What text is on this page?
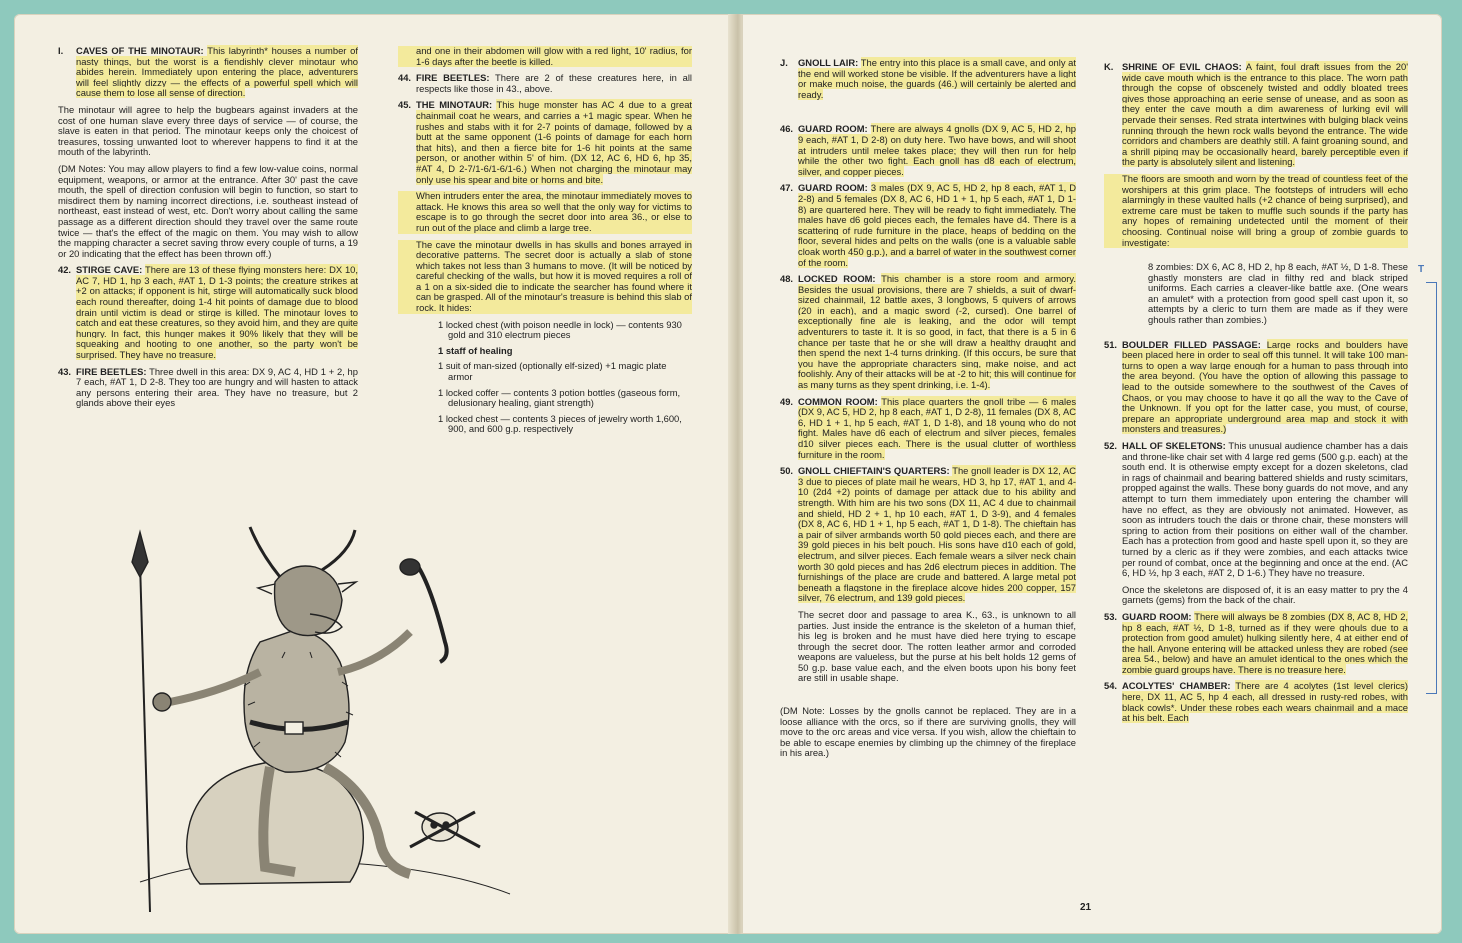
I. CAVES OF THE MINOTAUR: This labyrinth* houses a number of nasty things, but the worst is a fiendishly clever minotaur who abides herein. Immediately upon entering the place, adventurers will feel slightly dizzy — the effects of a powerful spell which will cause them to lose all sense of direction.

The minotaur will agree to help the bugbears against invaders at the cost of one human slave every three days of service — of course, the slave is eaten in that period. The minotaur keeps only the choicest of treasures, tossing unwanted loot to wherever happens to find it at the mouth of the labyrinth.

(DM Notes: You may allow players to find a few low-value coins, normal equipment, weapons, or armor at the entrance. After 30' past the cave mouth, the spell of direction confusion will begin to function, so start to misdirect them by naming incorrect directions, i.e. southeast instead of northeast, east instead of west, etc. Don't worry about calling the same passage as a different direction should they travel over the same route twice — that's the effect of the magic on them. You may wish to allow the mapping character a secret saving throw every couple of turns, a 19 or 20 indicating that the effect has been thrown off.)

42. STIRGE CAVE: There are 13 of these flying monsters here: DX 10, AC 7, HD 1, hp 3 each, #AT 1, D 1-3 points; the creature strikes at +2 on attacks; if opponent is hit, stirge will automatically suck blood each round thereafter, doing 1-4 hit points of damage due to blood drain until victim is dead or stirge is killed. The minotaur loves to catch and eat these creatures, so they avoid him, and they are quite hungry. In fact, this hunger makes it 90% likely that they will be squeaking and hooting to one another, so the party won't be surprised. They have no treasure.
43. FIRE BEETLES: Three dwell in this area: DX 9, AC 4, HD 1 + 2, hp 7 each, #AT 1, D 2-8. They too are hungry and will hasten to attack any persons entering their area. They have no treasure, but 2 glands above their eyes

and one in their abdomen will glow with a red light, 10' radius, for 1-6 days after the beetle is killed.

44. FIRE BEETLES: There are 2 of these creatures here, in all respects like those in 43., above.
45. THE MINOTAUR: This huge monster has AC 4 due to a great chainmail coat he wears, and carries a +1 magic spear. When he rushes and stabs with it for 2-7 points of damage, followed by a butt at the same opponent (1-6 points of damage for each horn that hits), and then a fierce bite for 1-6 hit points at the same person, or another within 5' of him. (DX 12, AC 6, HD 6, hp 35, #AT 4, D 2-7/1-6/1-6/1-6.) When not charging the minotaur may only use his spear and bite or horns and bite.

When intruders enter the area, the minotaur immediately moves to attack. He knows this area so well that the only way for victims to escape is to go through the secret door into area 36., or else to run out of the place and climb a large tree.

The cave the minotaur dwells in has skulls and bones arrayed in decorative patterns. The secret door is actually a slab of stone which takes not less than 3 humans to move. (It will be noticed by careful checking of the walls, but how it is moved requires a roll of a 1 on a six-sided die to indicate the searcher has found where it can be grasped. All of the minotaur's treasure is behind this slab of rock. It hides:

1 locked chest (with poison needle in lock) — contents 930 gold and 310 electrum pieces
1 staff of healing
1 suit of man-sized (optionally elf-sized) +1 magic plate armor
1 locked coffer — contents 3 potion bottles (gaseous form, delusionary healing, giant strength)
1 locked chest — contents 3 pieces of jewelry worth 1,600, 900, and 600 g.p. respectively
J. GNOLL LAIR: The entry into this place is a small cave, and only at the end will worked stone be visible. If the adventurers have a light or make much noise, the guards (46.) will certainly be alerted and ready.
46. GUARD ROOM: There are always 4 gnolls (DX 9, AC 5, HD 2, hp 9 each, #AT 1, D 2-8) on duty here. Two have bows, and will shoot at intruders until melee takes place; they will then run for help while the other two fight. Each gnoll has d8 each of electrum, silver, and copper pieces.
47. GUARD ROOM: 3 males (DX 9, AC 5, HD 2, hp 8 each, #AT 1, D 2-8) and 5 females (DX 8, AC 6, HD 1 + 1, hp 5 each, #AT 1, D 1-8) are quartered here. They will be ready to fight immediately. The males have d6 gold pieces each, the females have d4. There is a scattering of rude furniture in the place, heaps of bedding on the floor, several hides and pelts on the walls (one is a valuable sable cloak worth 450 g.p.), and a barrel of water in the southwest corner of the room.
48. LOCKED ROOM: This chamber is a store room and armory. Besides the usual provisions, there are 7 shields, a suit of dwarf-sized chainmail, 12 battle axes, 3 longbows, 5 quivers of arrows (20 in each), and a magic sword (-2, cursed). One barrel of exceptionally fine ale is leaking, and the odor will tempt adventurers to taste it. It is so good, in fact, that there is a 5 in 6 chance per taste that he or she will draw a healthy draught and then spend the next 1-4 turns drinking. (If this occurs, be sure that you have the appropriate characters sing, make noise, and act foolishly. Any of their attacks will be at -2 to hit; this will continue for as many turns as they spent drinking, i.e. 1-4).
49. COMMON ROOM: This place quarters the gnoll tribe — 6 males (DX 9, AC 5, HD 2, hp 8 each, #AT 1, D 2-8), 11 females (DX 8, AC 6, HD 1 + 1, hp 5 each, #AT 1, D 1-8), and 18 young who do not fight. Males have d6 each of electrum and silver pieces, females d10 silver pieces each. There is the usual clutter of worthless furniture in the room.
50. GNOLL CHIEFTAIN'S QUARTERS: The gnoll leader is DX 12, AC 3 due to pieces of plate mail he wears, HD 3, hp 17, #AT 1, and 4-10 (2d4 +2) points of damage per attack due to his ability and strength. With him are his two sons (DX 11, AC 4 due to chainmail and shield, HD 2 + 1, hp 10 each, #AT 1, D 3-9), and 4 females (DX 8, AC 6, HD 1 + 1, hp 5 each, #AT 1, D 1-8). The chieftain has a pair of silver armbands worth 50 gold pieces each, and there are 39 gold pieces in his belt pouch. His sons have d10 each of gold, electrum, and silver pieces. Each female wears a silver neck chain worth 30 gold pieces and has 2d6 electrum pieces in addition. The furnishings of the place are crude and battered. A large metal pot beneath a flagstone in the fireplace alcove hides 200 copper, 157 silver, 76 electrum, and 139 gold pieces.

The secret door and passage to area K., 63., is unknown to all parties. Just inside the entrance is the skeleton of a human thief, his leg is broken and he must have died here trying to escape through the secret door. The rotten leather armor and corroded weapons are valueless, but the purse at his belt holds 12 gems of 50 g.p. base value each, and the elven boots upon his bony feet are still in usable shape.

(DM Note: Losses by the gnolls cannot be replaced. They are in a loose alliance with the orcs, so if there are surviving gnolls, they will move to the orc areas and vice versa. If you wish, allow the chieftain to be able to escape enemies by climbing up the chimney of the fireplace in his area.)

21
K. SHRINE OF EVIL CHAOS: A faint, foul draft issues from the 20' wide cave mouth which is the entrance to this place. The worn path through the copse of obscenely twisted and oddly bloated trees gives those approaching an eerie sense of unease, and as soon as they enter the cave mouth a dim awareness of lurking evil will pervade their senses. Red strata intertwines with bulging black veins running through the hewn rock walls beyond the entrance. The wide corridors and chambers are deathly still. A faint groaning sound, and a shrill piping may be occasionally heard, barely perceptible even if the party is absolutely silent and listening.

The floors are smooth and worn by the tread of countless feet of the worshipers at this grim place. The footsteps of intruders will echo alarmingly in these vaulted halls (+2 chance of being surprised), and extreme care must be taken to muffle such sounds if the party has any hopes of remaining undetected until the moment of their choosing. Continual noise will bring a group of zombie guards to investigate:

8 zombies: DX 6, AC 8, HD 2, hp 8 each, #AT ½, D 1-8. These ghastly monsters are clad in filthy red and black striped uniforms. Each carries a cleaver-like battle axe. (One wears an amulet* with a protection from good spell cast upon it, so attempts by a cleric to turn them are made as if they were ghouls rather than zombies.)

51. BOULDER FILLED PASSAGE: Large rocks and boulders have been placed here in order to seal off this tunnel. It will take 100 man-turns to open a way large enough for a human to pass through into the area beyond. (You have the option of allowing this passage to lead to the outside somewhere to the southwest of the Caves of Chaos, or you may choose to have it go all the way to the Cave of the Unknown. If you opt for the latter case, you must, of course, prepare an appropriate underground area map and stock it with monsters and treasures.)
52. HALL OF SKELETONS: This unusual audience chamber has a dais and throne-like chair set with 4 large red gems (500 g.p. each) at the south end. It is otherwise empty except for a dozen skeletons, clad in rags of chainmail and bearing battered shields and rusty scimitars, propped against the walls. These bony guards do not move, and any attempt to turn them immediately upon entering the chamber will have no effect, as they are obviously not animated. However, as soon as intruders touch the dais or throne chair, these monsters will spring to action from their positions on either wall of the chamber. Each has a protection from good and haste spell upon it, so they are turned by a cleric as if they were zombies, and each attacks twice per round of combat, once at the beginning and once at the end. (AC 6, HD ½, hp 3 each, #AT 2, D 1-6.) They have no treasure.

Once the skeletons are disposed of, it is an easy matter to pry the 4 garnets (gems) from the back of the chair.

53. GUARD ROOM: There will always be 8 zombies (DX 8, AC 8, HD 2, hp 8 each, #AT ½, D 1-8, turned as if they were ghouls due to a protection from good amulet) hulking silently here, 4 at either end of the hall. Anyone entering will be attacked unless they are robed (see area 54., below) and have an amulet identical to the ones which the zombie guard groups have. There is no treasure here.
54. ACOLYTES' CHAMBER: There are 4 acolytes (1st level clerics) here, DX 11, AC 5, hp 4 each, all dressed in rusty-red robes, with black cowls*. Under these robes each wears chainmail and a mace at his belt. Each
T
